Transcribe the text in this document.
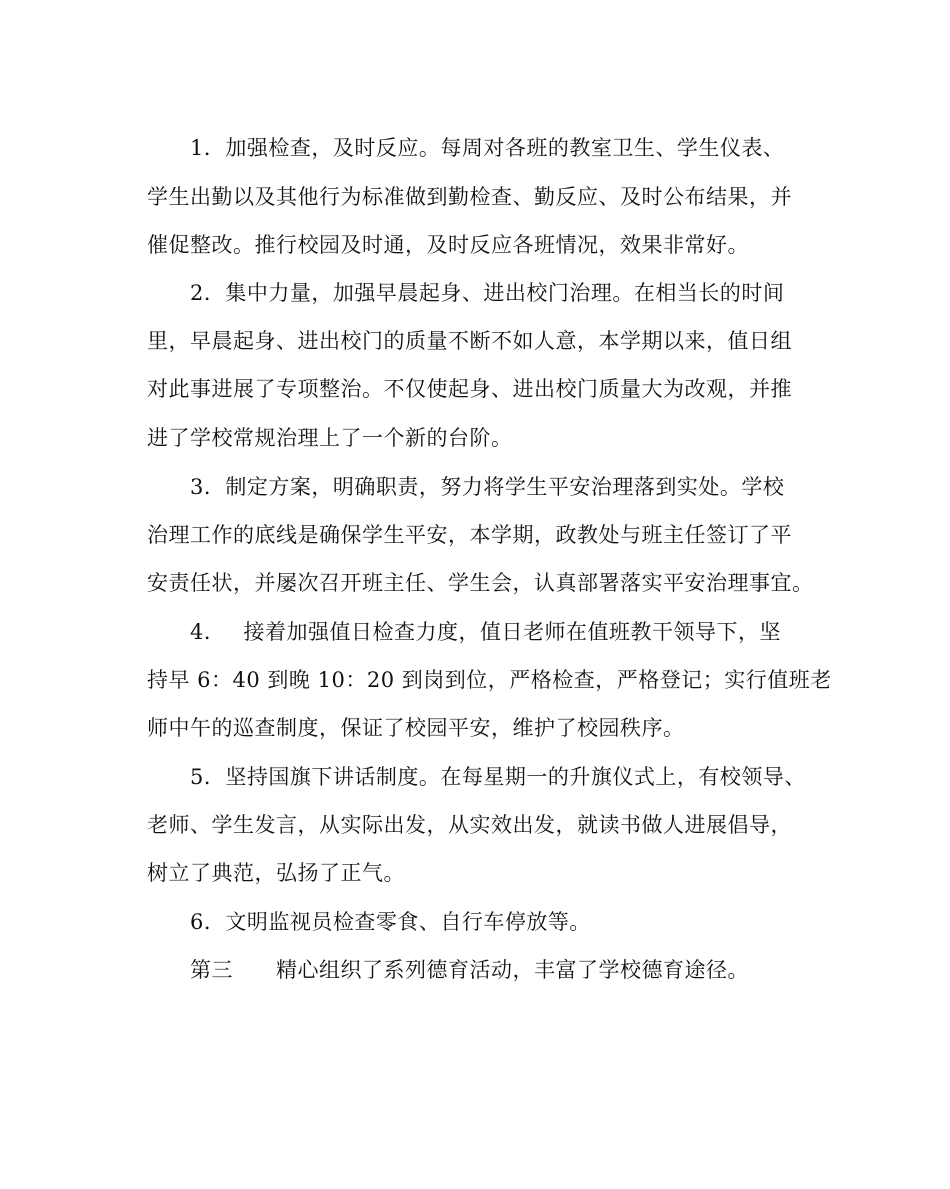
1．加强检查，及时反应。每周对各班的教室卫生、学生仪表、
学生出勤以及其他行为标准做到勤检查、勤反应、及时公布结果，并
催促整改。推行校园及时通，及时反应各班情况，效果非常好。
2．集中力量，加强早晨起身、进出校门治理。在相当长的时间
里，早晨起身、进出校门的质量不断不如人意，本学期以来，值日组
对此事进展了专项整治。不仅使起身、进出校门质量大为改观，并推
进了学校常规治理上了一个新的台阶。
3．制定方案，明确职责，努力将学生平安治理落到实处。学校
治理工作的底线是确保学生平安，本学期，政教处与班主任签订了平
安责任状，并屡次召开班主任、学生会，认真部署落实平安治理事宜。
4．　 接着加强值日检查力度，值日老师在值班教干领导下，坚
持早 6：40 到晚 10：20 到岗到位，严格检查，严格登记；实行值班老
师中午的巡查制度，保证了校园平安，维护了校园秩序。
5．坚持国旗下讲话制度。在每星期一的升旗仪式上，有校领导、
老师、学生发言，从实际出发，从实效出发，就读书做人进展倡导，
树立了典范，弘扬了正气。
6．文明监视员检查零食、自行车停放等。
第三　　精心组织了系列德育活动，丰富了学校德育途径。
